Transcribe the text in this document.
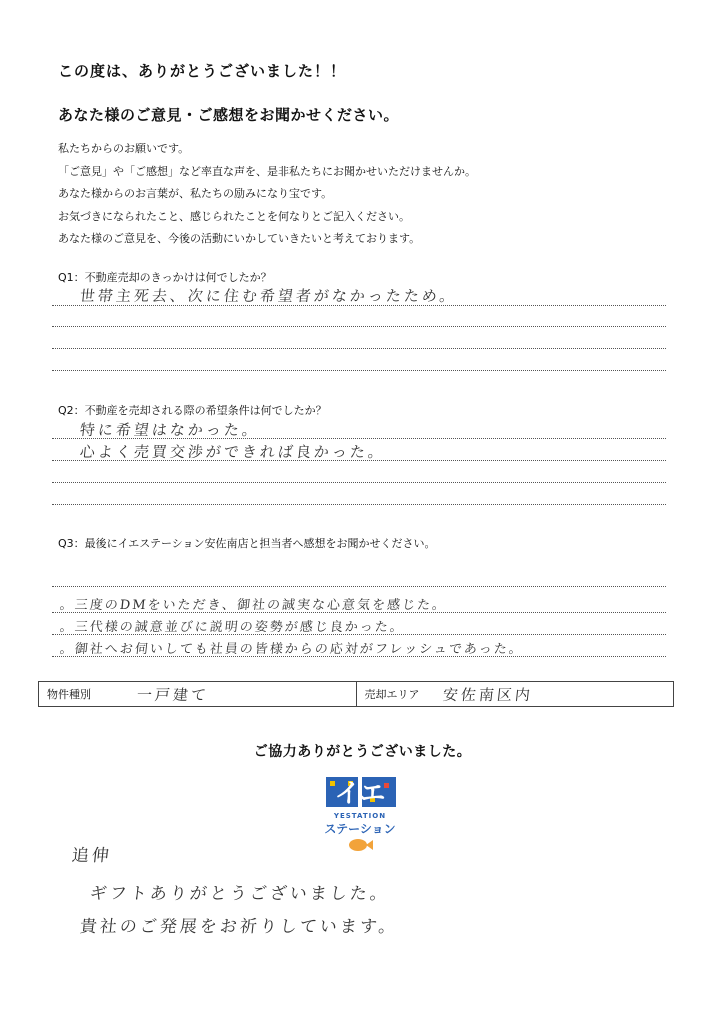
この度は、ありがとうございました！！
あなた様のご意見・ご感想をお聞かせください。
私たちからのお願いです。
「ご意見」や「ご感想」など率直な声を、是非私たちにお聞かせいただけませんか。
あなた様からのお言葉が、私たちの励みになり宝です。
お気づきになられたこと、感じられたことを何なりとご記入ください。
あなた様のご意見を、今後の活動にいかしていきたいと考えております。
Q1：不動産売却のきっかけは何でしたか？
世帯主死去、次に住む希望者がなかったため。
Q2：不動産を売却される際の希望条件は何でしたか？
特に希望はなかった。
心よく売買交渉ができれば良かった。
Q3：最後にイエステーション安佐南店と担当者へ感想をお聞かせください。
。三度のDMをいただき、御社の誠実な心意気を感じた。
。三代様の誠意並びに説明の姿勢が感じ良かった。
。御社へお伺いしても社員の皆様からの応対がフレッシュであった。
物件種別	一戸建て	売却エリア	安佐南区内
ご協力ありがとうございました。
イエ
YESTATION
ステーション
追伸
ギフトありがとうございました。
貴社のご発展をお祈りしています。
